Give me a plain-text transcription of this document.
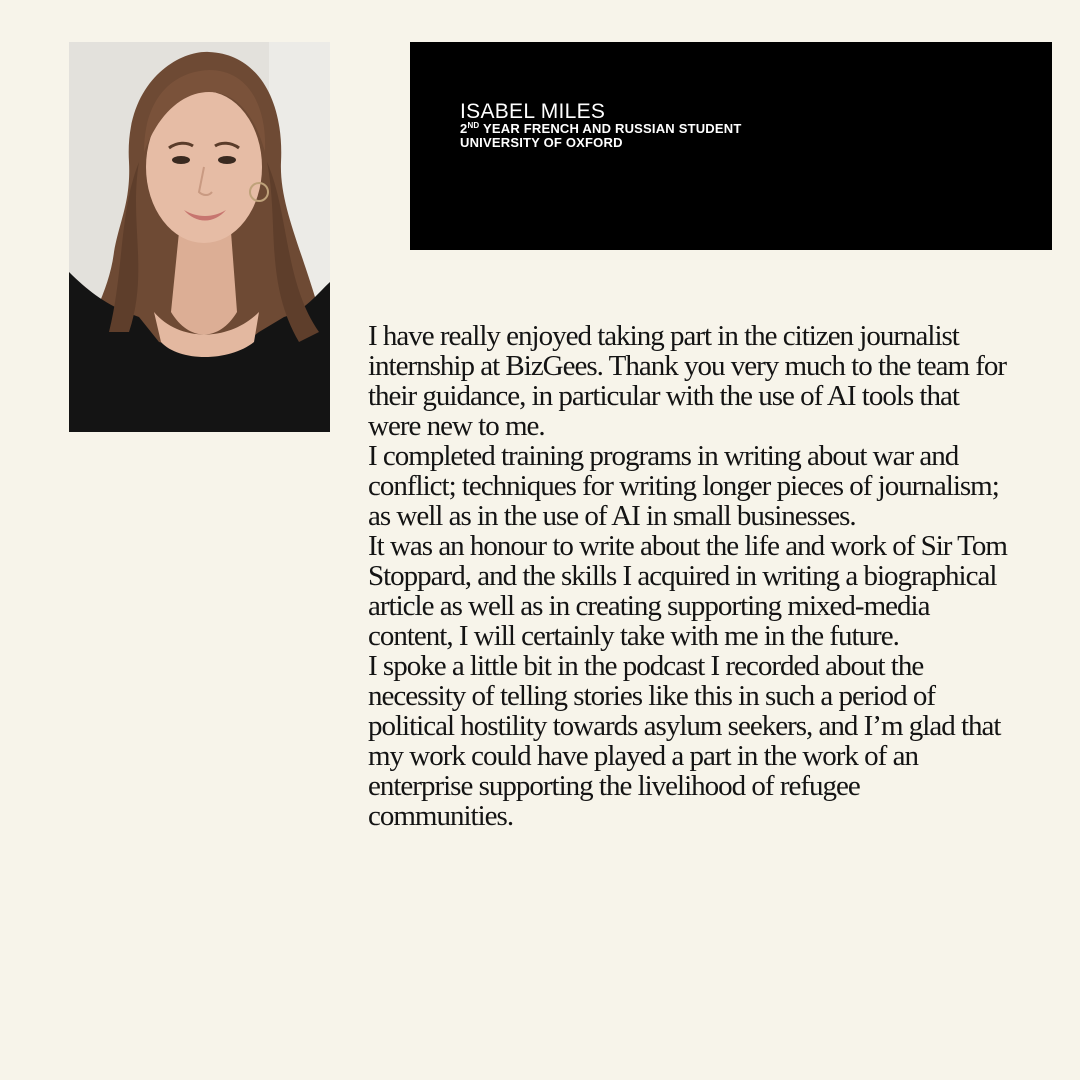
ISABEL MILES
2ND YEAR FRENCH AND RUSSIAN STUDENT
UNIVERSITY OF OXFORD

I have really enjoyed taking part in the citizen journalist internship at BizGees. Thank you very much to the team for their guidance, in particular with the use of AI tools that were new to me.

I completed training programs in writing about war and conflict; techniques for writing longer pieces of journalism; as well as in the use of AI in small businesses.

It was an honour to write about the life and work of Sir Tom Stoppard, and the skills I acquired in writing a biographical article as well as in creating supporting mixed-media content, I will certainly take with me in the future.

I spoke a little bit in the podcast I recorded about the necessity of telling stories like this in such a period of political hostility towards asylum seekers, and I’m glad that my work could have played a part in the work of an enterprise supporting the livelihood of refugee communities.
